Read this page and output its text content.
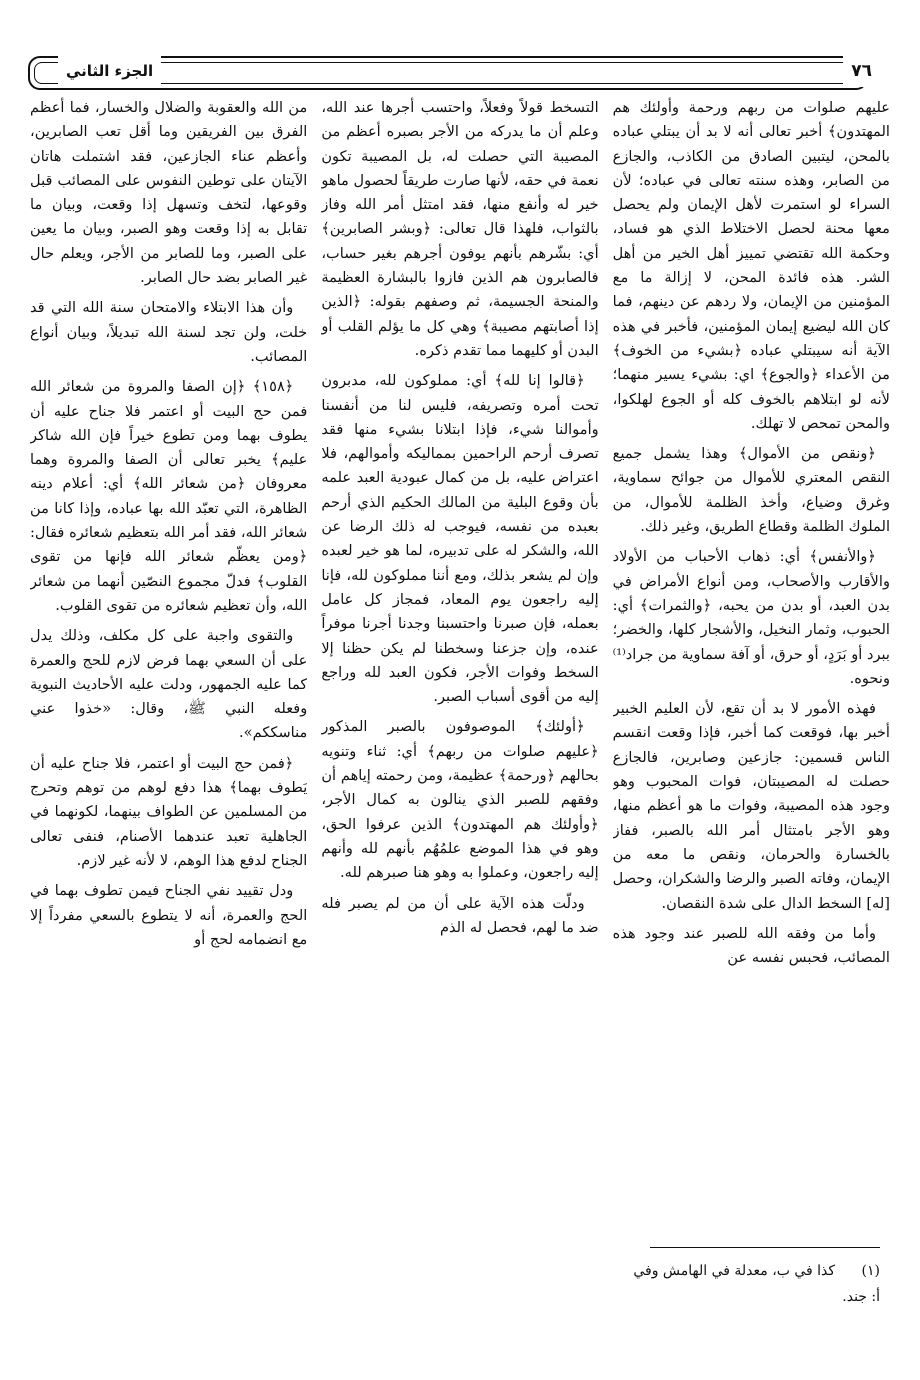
٧٦
الجزء الثاني

عليهم صلوات من ربهم ورحمة وأولئك هم المهتدون﴾ أخبر تعالى أنه لا بد أن يبتلي عباده بالمحن، ليتبين الصادق من الكاذب، والجازع من الصابر، وهذه سنته تعالى في عباده؛ لأن السراء لو استمرت لأهل الإيمان ولم يحصل معها محنة لحصل الاختلاط الذي هو فساد، وحكمة الله تقتضي تمييز أهل الخير من أهل الشر. هذه فائدة المحن، لا إزالة ما مع المؤمنين من الإيمان، ولا ردهم عن دينهم، فما كان الله ليضيع إيمان المؤمنين، فأخبر في هذه الآية أنه سيبتلي عباده ﴿بشيء من الخوف﴾ من الأعداء ﴿والجوع﴾ اي: بشيء يسير منهما؛ لأنه لو ابتلاهم بالخوف كله أو الجوع لهلكوا، والمحن تمحص لا تهلك.

﴿ونقص من الأموال﴾ وهذا يشمل جميع النقص المعتري للأموال من جوائح سماوية، وغرق وضياع، وأخذ الظلمة للأموال، من الملوك الظلمة وقطاع الطريق، وغير ذلك.

﴿والأنفس﴾ أي: ذهاب الأحباب من الأولاد والأقارب والأصحاب، ومن أنواع الأمراض في بدن العبد، أو بدن من يحبه، ﴿والثمرات﴾ أي: الحبوب، وثمار النخيل، والأشجار كلها، والخضر؛ ببرد أو بَرَدٍ، أو حرق، أو آفة سماوية من جراد⁽¹⁾ ونحوه.

فهذه الأمور لا بد أن تقع، لأن العليم الخبير أخبر بها، فوقعت كما أخبر، فإذا وقعت انقسم الناس قسمين: جازعين وصابرين، فالجازع حصلت له المصيبتان، فوات المحبوب وهو وجود هذه المصيبة، وفوات ما هو أعظم منها، وهو الأجر بامتثال أمر الله بالصبر، ففاز بالخسارة والحرمان، ونقص ما معه من الإيمان، وفاته الصبر والرضا والشكران، وحصل [له] السخط الدال على شدة النقصان.

وأما من وفقه الله للصبر عند وجود هذه المصائب، فحبس نفسه عن

التسخط قولاً وفعلاً، واحتسب أجرها عند الله، وعلم أن ما يدركه من الأجر بصبره أعظم من المصيبة التي حصلت له، بل المصيبة تكون نعمة في حقه، لأنها صارت طريقاً لحصول ماهو خير له وأنفع منها، فقد امتثل أمر الله وفاز بالثواب، فلهذا قال تعالى: ﴿وبشر الصابرين﴾ أي: بشّرهم بأنهم يوفون أجرهم بغير حساب، فالصابرون هم الذين فازوا بالبشارة العظيمة والمنحة الجسيمة، ثم وصفهم بقوله: ﴿الذين إذا أصابتهم مصيبة﴾ وهي كل ما يؤلم القلب أو البدن أو كليهما مما تقدم ذكره.

﴿قالوا إنا لله﴾ أي: مملوكون لله، مدبرون تحت أمره وتصريفه، فليس لنا من أنفسنا وأموالنا شيء، فإذا ابتلانا بشيء منها فقد تصرف أرحم الراحمين بمماليكه وأموالهم، فلا اعتراض عليه، بل من كمال عبودية العبد علمه بأن وقوع البلية من المالك الحكيم الذي أرحم بعبده من نفسه، فيوجب له ذلك الرضا عن الله، والشكر له على تدبيره، لما هو خير لعبده وإن لم يشعر بذلك، ومع أننا مملوكون لله، فإنا إليه راجعون يوم المعاد، فمجاز كل عامل بعمله، فإن صبرنا واحتسبنا وجدنا أجرنا موفراً عنده، وإن جزعنا وسخطنا لم يكن حظنا إلا السخط وفوات الأجر، فكون العبد لله وراجع إليه من أقوى أسباب الصبر.

﴿أولئك﴾ الموصوفون بالصبر المذكور ﴿عليهم صلوات من ربهم﴾ أي: ثناء وتنويه بحالهم ﴿ورحمة﴾ عظيمة، ومن رحمته إياهم أن وفقهم للصبر الذي ينالون به كمال الأجر، ﴿وأولئك هم المهتدون﴾ الذين عرفوا الحق، وهو في هذا الموضع علمُهُم بأنهم لله وأنهم إليه راجعون، وعملوا به وهو هنا صبرهم لله.

ودلّت هذه الآية على أن من لم يصبر فله ضد ما لهم، فحصل له الذم

من الله والعقوبة والضلال والخسار، فما أعظم الفرق بين الفريقين وما أقل تعب الصابرين، وأعظم عناء الجازعين، فقد اشتملت هاتان الآيتان على توطين النفوس على المصائب قبل وقوعها، لتخف وتسهل إذا وقعت، وبيان ما تقابل به إذا وقعت وهو الصبر، وبيان ما يعين على الصبر، وما للصابر من الأجر، ويعلم حال غير الصابر بضد حال الصابر.

وأن هذا الابتلاء والامتحان سنة الله التي قد خلت، ولن تجد لسنة الله تبديلاً، وبيان أنواع المصائب.

﴿١٥٨﴾ ﴿إن الصفا والمروة من شعائر الله فمن حج البيت أو اعتمر فلا جناح عليه أن يطوف بهما ومن تطوع خيراً فإن الله شاكر عليم﴾ يخبر تعالى أن الصفا والمروة وهما معروفان ﴿من شعائر الله﴾ أي: أعلام دينه الظاهرة، التي تعبّد الله بها عباده، وإذا كانا من شعائر الله، فقد أمر الله بتعظيم شعائره فقال: ﴿ومن يعظّم شعائر الله فإنها من تقوى القلوب﴾ فدلّ مجموع النصّين أنهما من شعائر الله، وأن تعظيم شعائره من تقوى القلوب.

والتقوى واجبة على كل مكلف، وذلك يدل على أن السعي بهما فرض لازم للحج والعمرة كما عليه الجمهور، ودلت عليه الأحاديث النبوية وفعله النبي ﷺ، وقال: «خذوا عني مناسككم».

﴿فمن حج البيت أو اعتمر، فلا جناح عليه أن يَطوف بهما﴾ هذا دفع لوهم من توهم وتحرج من المسلمين عن الطواف بينهما، لكونهما في الجاهلية تعبد عندهما الأصنام، فنفى تعالى الجناح لدفع هذا الوهم، لا لأنه غير لازم.

ودل تقييد نفي الجناح فيمن تطوف بهما في الحج والعمرة، أنه لا يتطوع بالسعي مفرداً إلا مع انضمامه لحج أو

(١) كذا في ب، معدلة في الهامش وفي

أ: جند.
